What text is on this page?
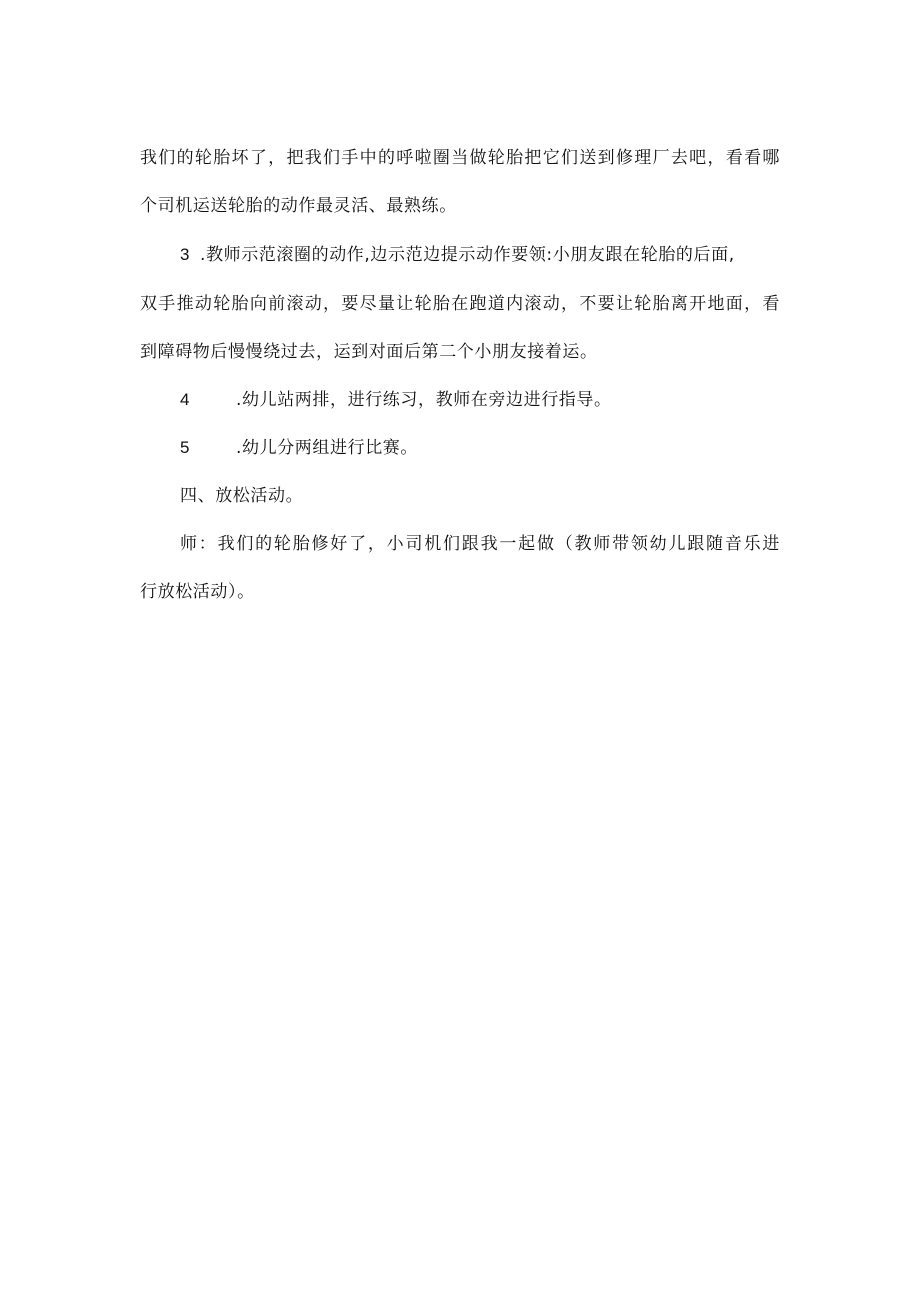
我们的轮胎坏了，把我们手中的呼啦圈当做轮胎把它们送到修理厂去吧，看看哪
个司机运送轮胎的动作最灵活、最熟练。
3 .教师示范滚圈的动作,边示范边提示动作要领:小朋友跟在轮胎的后面,
双手推动轮胎向前滚动，要尽量让轮胎在跑道内滚动，不要让轮胎离开地面，看
到障碍物后慢慢绕过去，运到对面后第二个小朋友接着运。
4	.幼儿站两排，进行练习，教师在旁边进行指导。
5	.幼儿分两组进行比赛。
四、放松活动。
师：我们的轮胎修好了，小司机们跟我一起做（教师带领幼儿跟随音乐进
行放松活动）。
